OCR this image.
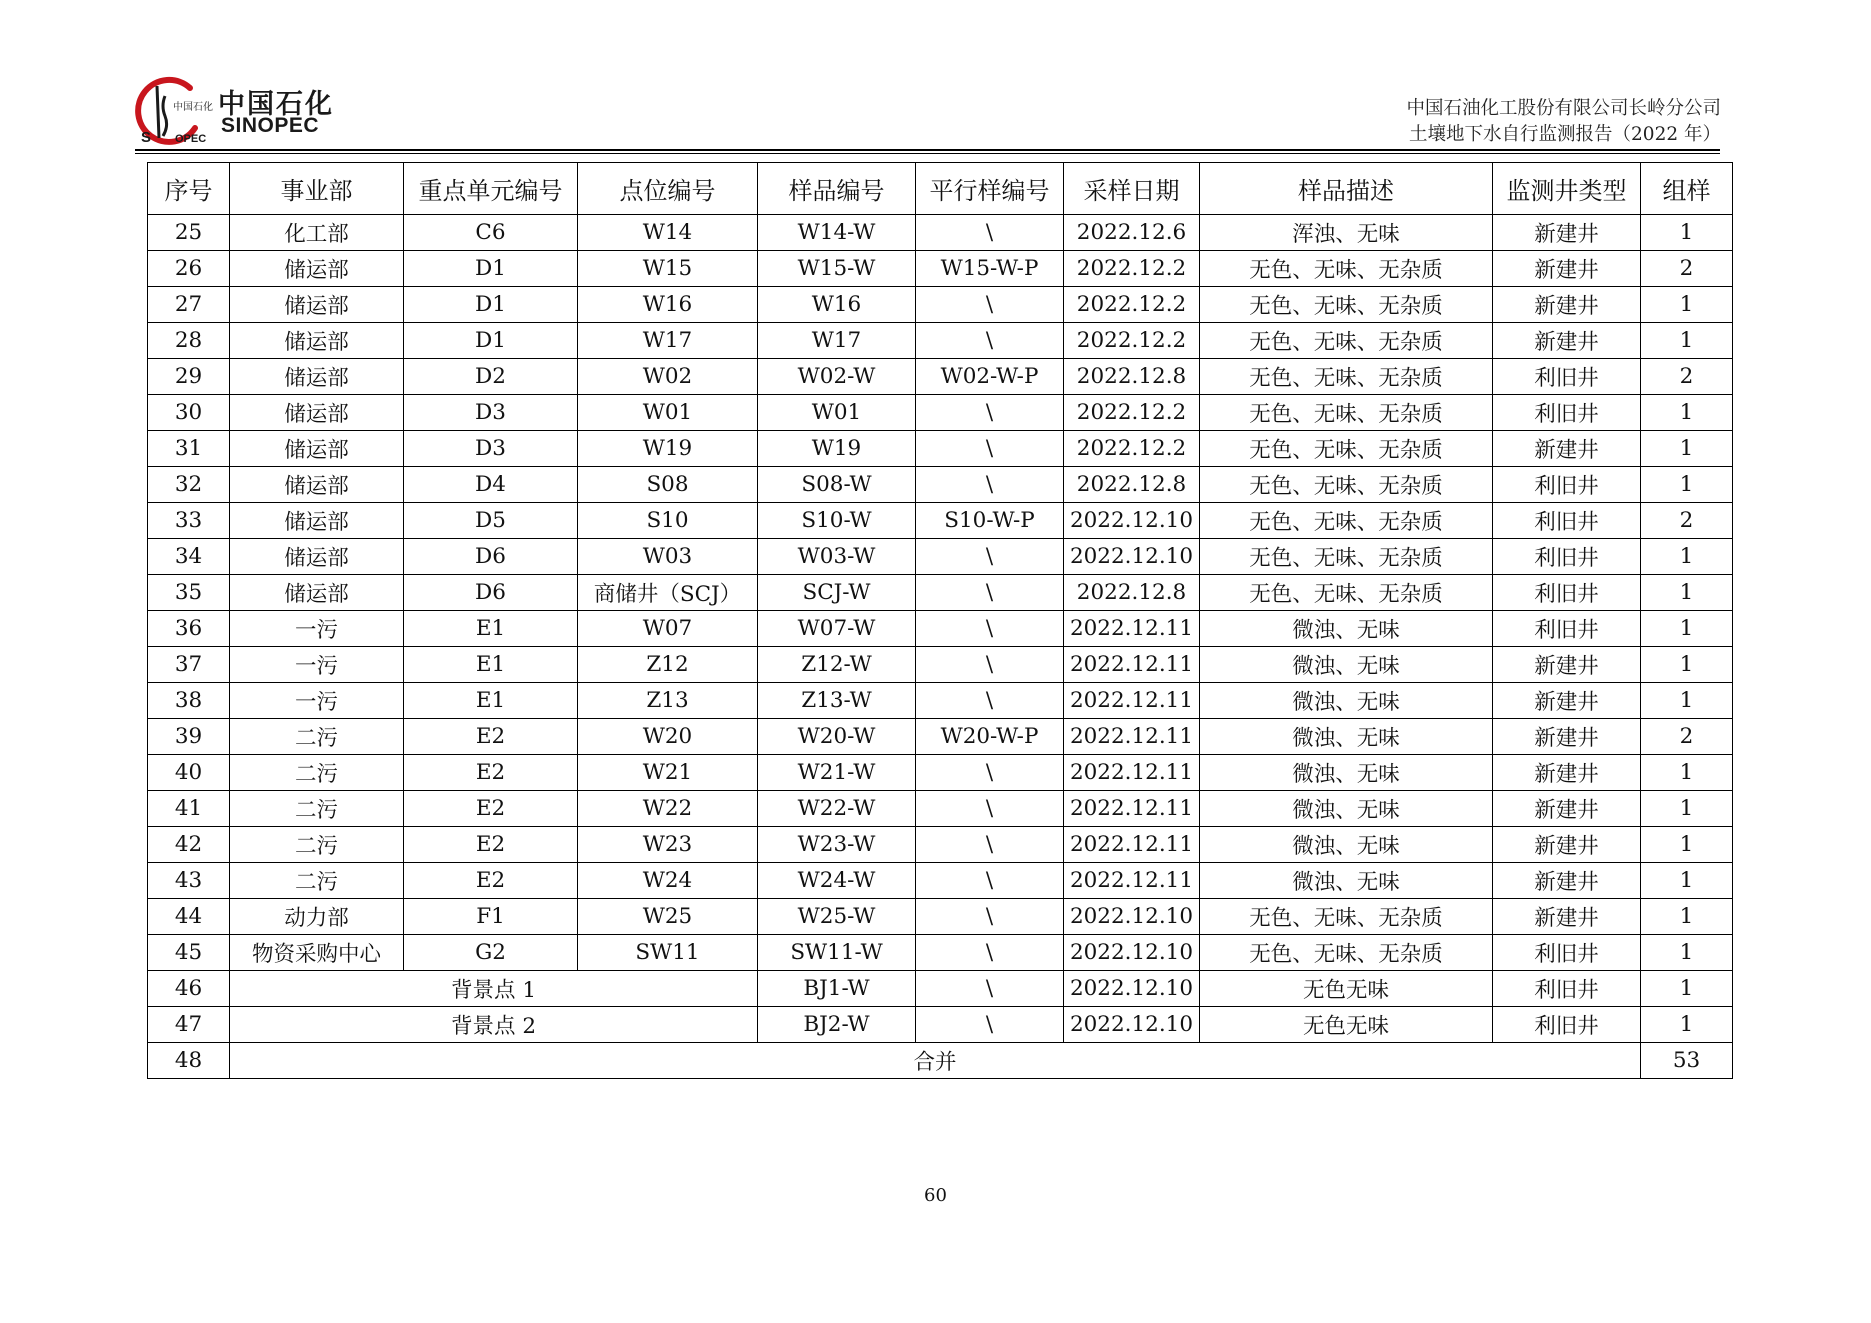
中国石化
S OPEC
中国石化
SINOPEC
中国石油化工股份有限公司长岭分公司
土壤地下水自行监测报告（2022 年）
序号	事业部	重点单元编号	点位编号	样品编号	平行样编号	采样日期	样品描述	监测井类型	组样
25	化工部	C6	W14	W14-W	\	2022.12.6	浑浊、无味	新建井	1
26	储运部	D1	W15	W15-W	W15-W-P	2022.12.2	无色、无味、无杂质	新建井	2
27	储运部	D1	W16	W16	\	2022.12.2	无色、无味、无杂质	新建井	1
28	储运部	D1	W17	W17	\	2022.12.2	无色、无味、无杂质	新建井	1
29	储运部	D2	W02	W02-W	W02-W-P	2022.12.8	无色、无味、无杂质	利旧井	2
30	储运部	D3	W01	W01	\	2022.12.2	无色、无味、无杂质	利旧井	1
31	储运部	D3	W19	W19	\	2022.12.2	无色、无味、无杂质	新建井	1
32	储运部	D4	S08	S08-W	\	2022.12.8	无色、无味、无杂质	利旧井	1
33	储运部	D5	S10	S10-W	S10-W-P	2022.12.10	无色、无味、无杂质	利旧井	2
34	储运部	D6	W03	W03-W	\	2022.12.10	无色、无味、无杂质	利旧井	1
35	储运部	D6	商储井（SCJ）	SCJ-W	\	2022.12.8	无色、无味、无杂质	利旧井	1
36	一污	E1	W07	W07-W	\	2022.12.11	微浊、无味	利旧井	1
37	一污	E1	Z12	Z12-W	\	2022.12.11	微浊、无味	新建井	1
38	一污	E1	Z13	Z13-W	\	2022.12.11	微浊、无味	新建井	1
39	二污	E2	W20	W20-W	W20-W-P	2022.12.11	微浊、无味	新建井	2
40	二污	E2	W21	W21-W	\	2022.12.11	微浊、无味	新建井	1
41	二污	E2	W22	W22-W	\	2022.12.11	微浊、无味	新建井	1
42	二污	E2	W23	W23-W	\	2022.12.11	微浊、无味	新建井	1
43	二污	E2	W24	W24-W	\	2022.12.11	微浊、无味	新建井	1
44	动力部	F1	W25	W25-W	\	2022.12.10	无色、无味、无杂质	新建井	1
45	物资采购中心	G2	SW11	SW11-W	\	2022.12.10	无色、无味、无杂质	利旧井	1
46	背景点 1			BJ1-W	\	2022.12.10	无色无味	利旧井	1
47	背景点 2			BJ2-W	\	2022.12.10	无色无味	利旧井	1
48	合并								53
60
